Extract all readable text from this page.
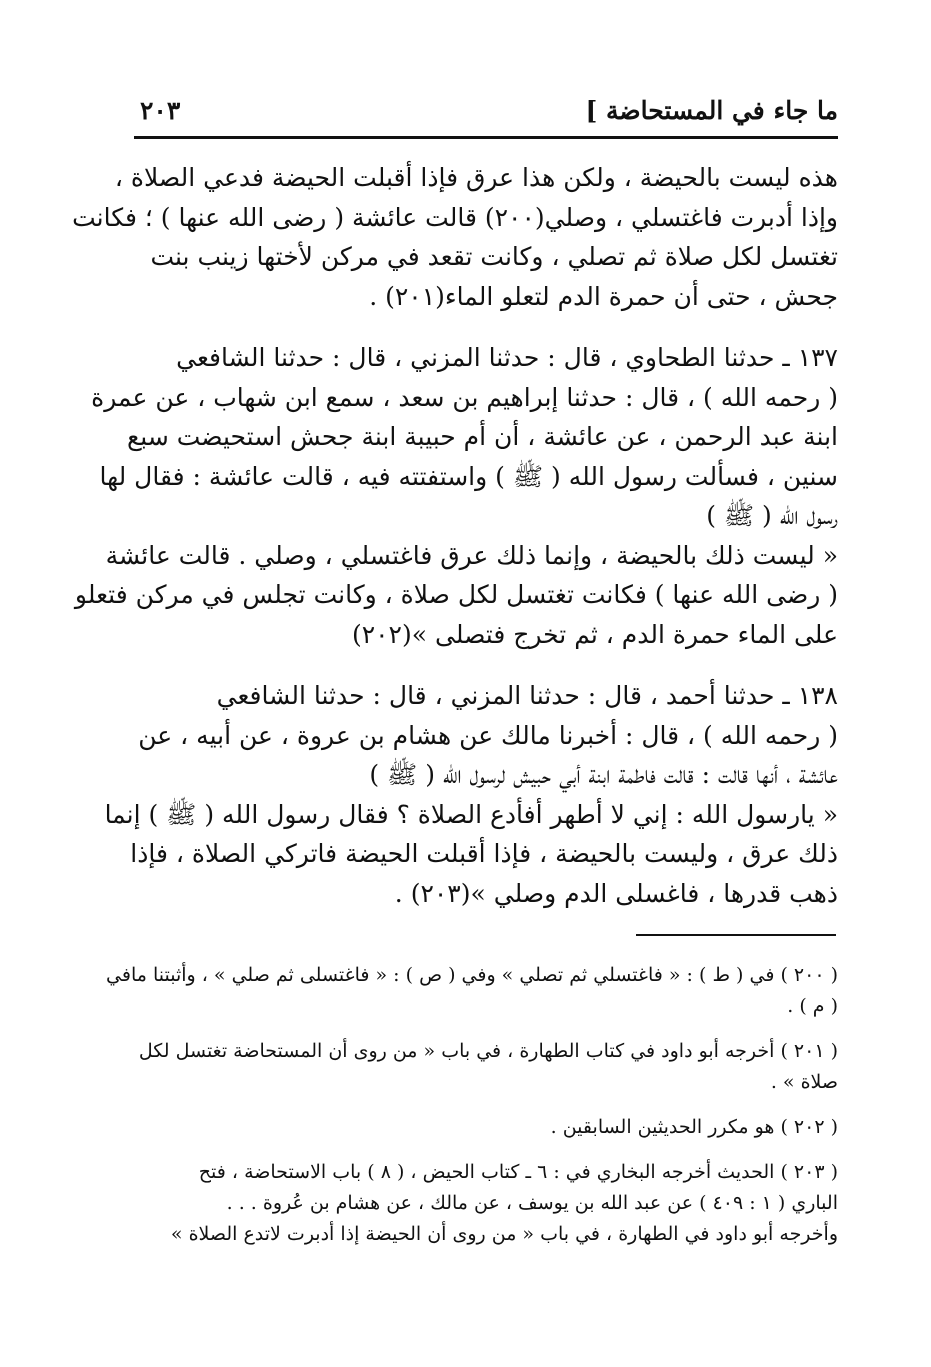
ما جاء في المستحاضة ]
٢٠٣

هذه ليست بالحيضة ، ولكن هذا عرق فإذا أقبلت الحيضة فدعي الصلاة ،

وإذا أدبرت فاغتسلي ، وصلي(٢٠٠) قالت عائشة ( رضى الله عنها ) ؛ فكانت

تغتسل لكل صلاة ثم تصلي ، وكانت تقعد في مركن لأختها زينب بنت

جحش ، حتى أن حمرة الدم لتعلو الماء(٢٠١) .

١٣٧ ـ حدثنا الطحاوي ، قال : حدثنا المزني ، قال : حدثنا الشافعي

( رحمه الله ) ، قال : حدثنا إبراهيم بن سعد ، سمع ابن شهاب ، عن عمرة

ابنة عبد الرحمن ، عن عائشة ، أن أم حبيبة ابنة جحش استحيضت سبع

سنين ، فسألت رسول الله ( ﷺ ) واستفتته فيه ، قالت عائشة : فقال لها

رسول الله ( ﷺ )

« ليست ذلك بالحيضة ، وإنما ذلك عرق فاغتسلي ، وصلي . قالت عائشة

( رضى الله عنها ) فكانت تغتسل لكل صلاة ، وكانت تجلس في مركن فتعلو

على الماء حمرة الدم ، ثم تخرج فتصلى »(٢٠٢)

١٣٨ ـ حدثنا أحمد ، قال : حدثنا المزني ، قال : حدثنا الشافعي

( رحمه الله ) ، قال : أخبرنا مالك عن هشام بن عروة ، عن أبيه ، عن

عائشة ، أنها قالت : قالت فاطمة ابنة أبي حبيش لرسول الله ( ﷺ )

« يارسول الله : إني لا أطهر أفأدع الصلاة ؟ فقال رسول الله ( ﷺ ) إنما

ذلك عرق ، وليست بالحيضة ، فإذا أقبلت الحيضة فاتركي الصلاة ، فإذا

ذهب قدرها ، فاغسلى الدم وصلي »(٢٠٣) .

( ٢٠٠ ) في ( ط ) : « فاغتسلي ثم تصلي » وفي ( ص ) : « فاغتسلى ثم صلي » ، وأثبتنا مافي

( م ) .

( ٢٠١ ) أخرجه أبو داود في كتاب الطهارة ، في باب « من روى أن المستحاضة تغتسل لكل

صلاة » .

( ٢٠٢ ) هو مكرر الحديثين السابقين .

( ٢٠٣ ) الحديث أخرجه البخاري في : ٦ ـ كتاب الحيض ، ( ٨ ) باب الاستحاضة ، فتح

الباري ( ١ : ٤٠٩ ) عن عبد الله بن يوسف ، عن مالك ، عن هشام بن عُروة . . .

وأخرجه أبو داود في الطهارة ، في باب « من روى أن الحيضة إذا أدبرت لاتدع الصلاة »
